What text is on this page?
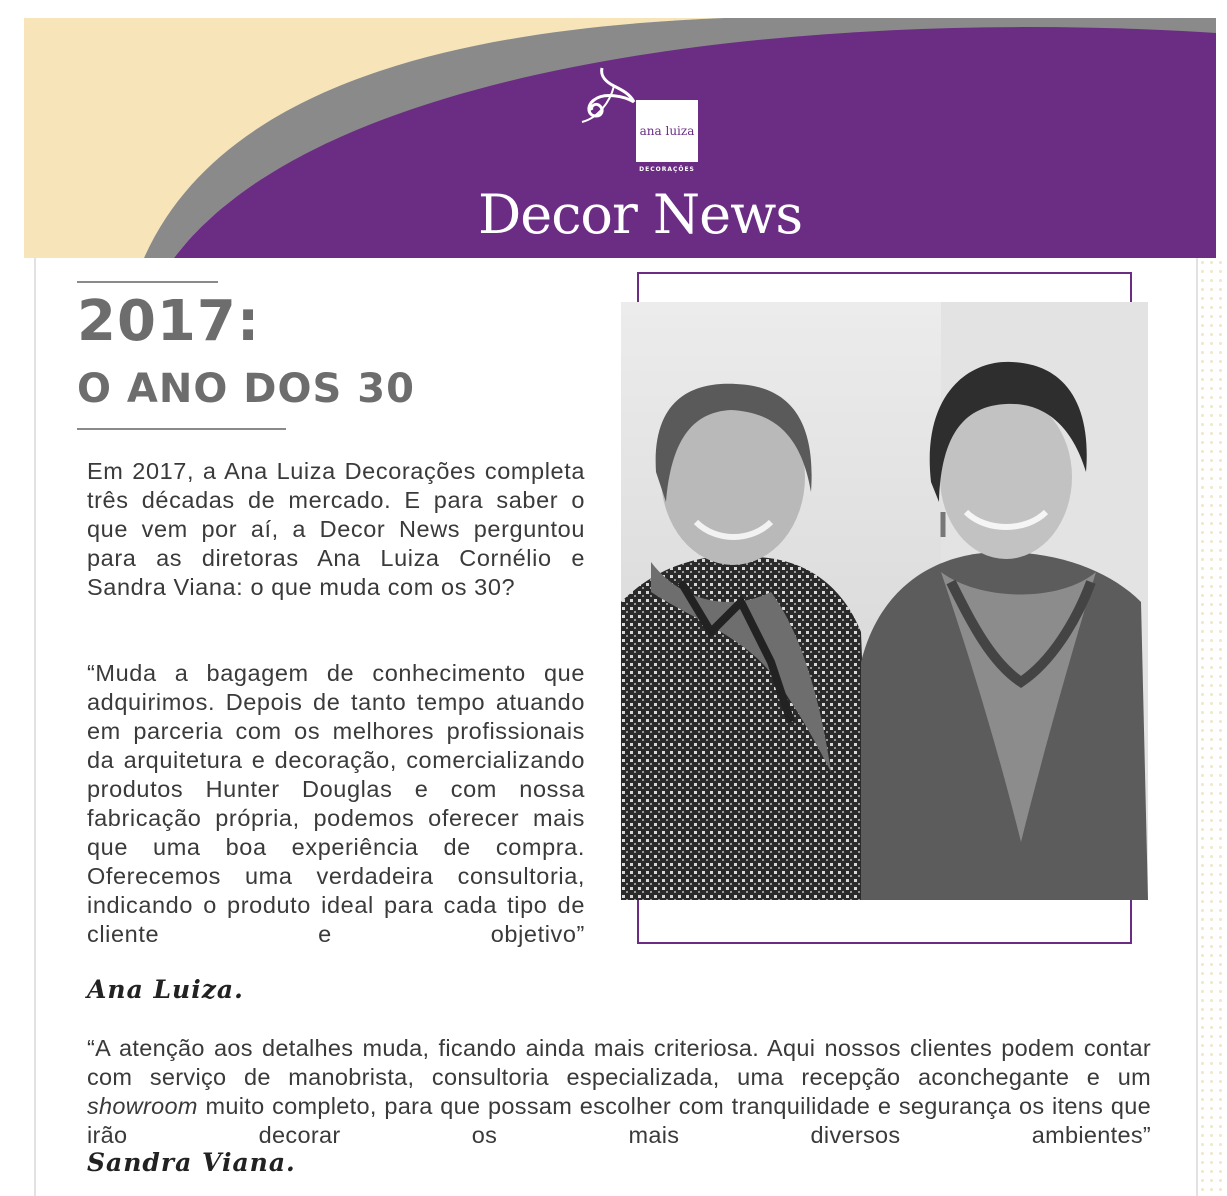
ana luiza
DECORAÇÕES
Decor News
2017:
O ANO DOS 30

Em 2017, a Ana Luiza Decorações completa três décadas de mercado. E para saber o que vem por aí, a Decor News perguntou para as diretoras Ana Luiza Cornélio e Sandra Viana: o que muda com os 30?

“Muda a bagagem de conhecimento que adquirimos. Depois de tanto tempo atuando em parceria com os melhores profissionais da arquitetura e decoração, comercializando produtos Hunter Douglas e com nossa fabricação própria, podemos oferecer mais que uma boa experiência de compra. Oferecemos uma verdadeira consultoria, indicando o produto ideal para cada tipo de cliente e objetivo”

Ana Luiza.

“A atenção aos detalhes muda, ficando ainda mais criteriosa. Aqui nossos clientes podem contar com serviço de manobrista, consultoria especializada, uma recepção aconchegante e um showroom muito completo, para que possam escolher com tranquilidade e segurança os itens que irão decorar os mais diversos ambientes”

Sandra Viana.
